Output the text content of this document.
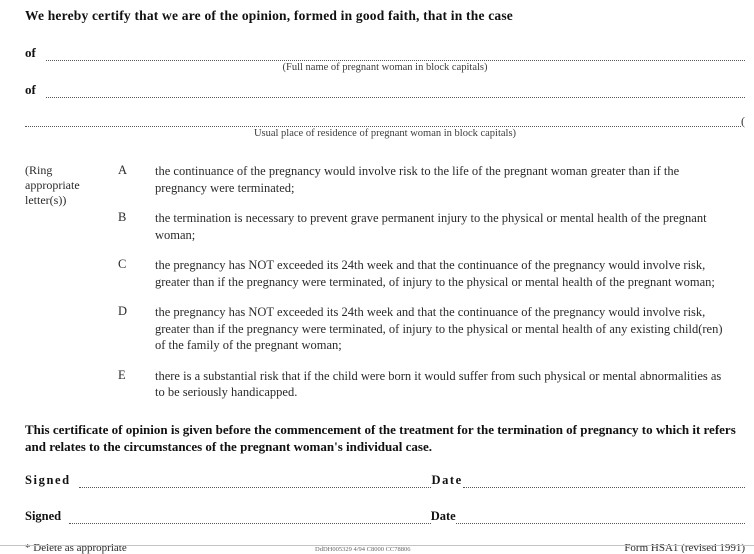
We hereby certify that we are of the opinion, formed in good faith, that in the case
of
(Full name of pregnant woman in block capitals)
of
(
Usual place of residence of pregnant woman in block capitals)
(Ring
appropriate
letter(s))
A	the continuance of the pregnancy would involve risk to the life of the pregnant woman greater than if the pregnancy were terminated;
B	the termination is necessary to prevent grave permanent injury to the physical or mental health of the pregnant woman;
C	the pregnancy has NOT exceeded its 24th week and that the continuance of the pregnancy would involve risk, greater than if the pregnancy were terminated, of injury to the physical or mental health of the pregnant woman;
D	the pregnancy has NOT exceeded its 24th week and that the continuance of the pregnancy would involve risk, greater than if the pregnancy were terminated, of injury to the physical or mental health of any existing child(ren) of the family of the pregnant woman;
E	there is a substantial risk that if the child were born it would suffer from such physical or mental abnormalities as to be seriously handicapped.
This certificate of opinion is given before the commencement of the treatment for the termination of pregnancy to which it refers and relates to the circumstances of the pregnant woman's individual case.
Signed	Date
Signed	Date
* Delete as appropriate	DdDH005329 4/94 C8000 CC78806	Form HSA1 (revised 1991)
